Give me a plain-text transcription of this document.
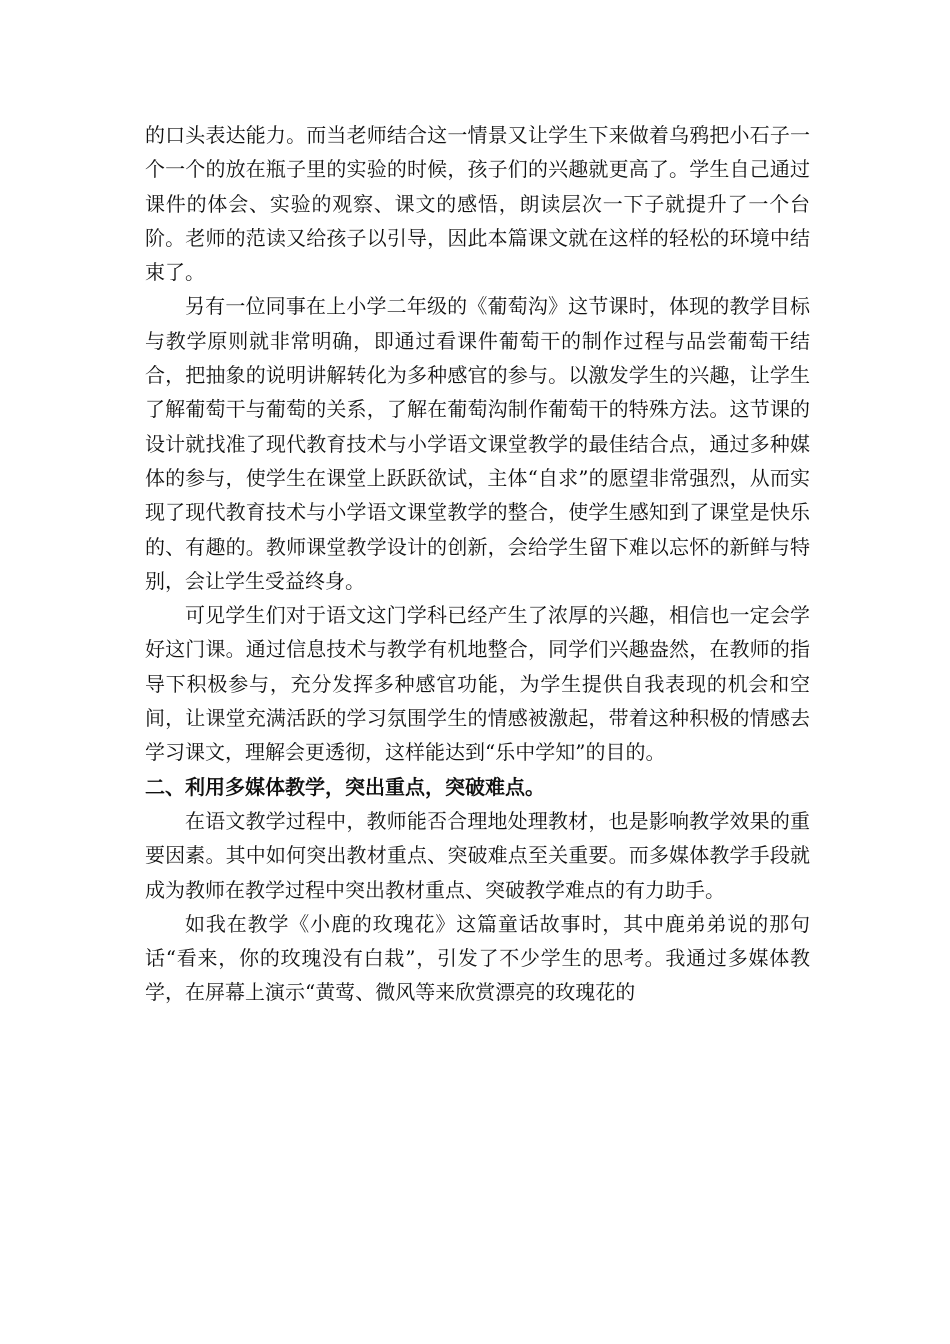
的口头表达能力。而当老师结合这一情景又让学生下来做着乌鸦把小石子一个一个的放在瓶子里的实验的时候，孩子们的兴趣就更高了。学生自己通过课件的体会、实验的观察、课文的感悟，朗读层次一下子就提升了一个台阶。老师的范读又给孩子以引导，因此本篇课文就在这样的轻松的环境中结束了。

另有一位同事在上小学二年级的《葡萄沟》这节课时，体现的教学目标与教学原则就非常明确，即通过看课件葡萄干的制作过程与品尝葡萄干结合，把抽象的说明讲解转化为多种感官的参与。以激发学生的兴趣，让学生了解葡萄干与葡萄的关系，了解在葡萄沟制作葡萄干的特殊方法。这节课的设计就找准了现代教育技术与小学语文课堂教学的最佳结合点，通过多种媒体的参与，使学生在课堂上跃跃欲试，主体“自求”的愿望非常强烈，从而实现了现代教育技术与小学语文课堂教学的整合，使学生感知到了课堂是快乐的、有趣的。教师课堂教学设计的创新，会给学生留下难以忘怀的新鲜与特别，会让学生受益终身。

可见学生们对于语文这门学科已经产生了浓厚的兴趣，相信也一定会学好这门课。通过信息技术与教学有机地整合，同学们兴趣盎然，在教师的指导下积极参与，充分发挥多种感官功能，为学生提供自我表现的机会和空间，让课堂充满活跃的学习氛围学生的情感被激起，带着这种积极的情感去学习课文，理解会更透彻，这样能达到“乐中学知”的目的。

二、利用多媒体教学，突出重点，突破难点。

在语文教学过程中，教师能否合理地处理教材，也是影响教学效果的重要因素。其中如何突出教材重点、突破难点至关重要。而多媒体教学手段就成为教师在教学过程中突出教材重点、突破教学难点的有力助手。

如我在教学《小鹿的玫瑰花》这篇童话故事时，其中鹿弟弟说的那句话“看来，你的玫瑰没有白栽”，引发了不少学生的思考。我通过多媒体教学，在屏幕上演示“黄莺、微风等来欣赏漂亮的玫瑰花的
